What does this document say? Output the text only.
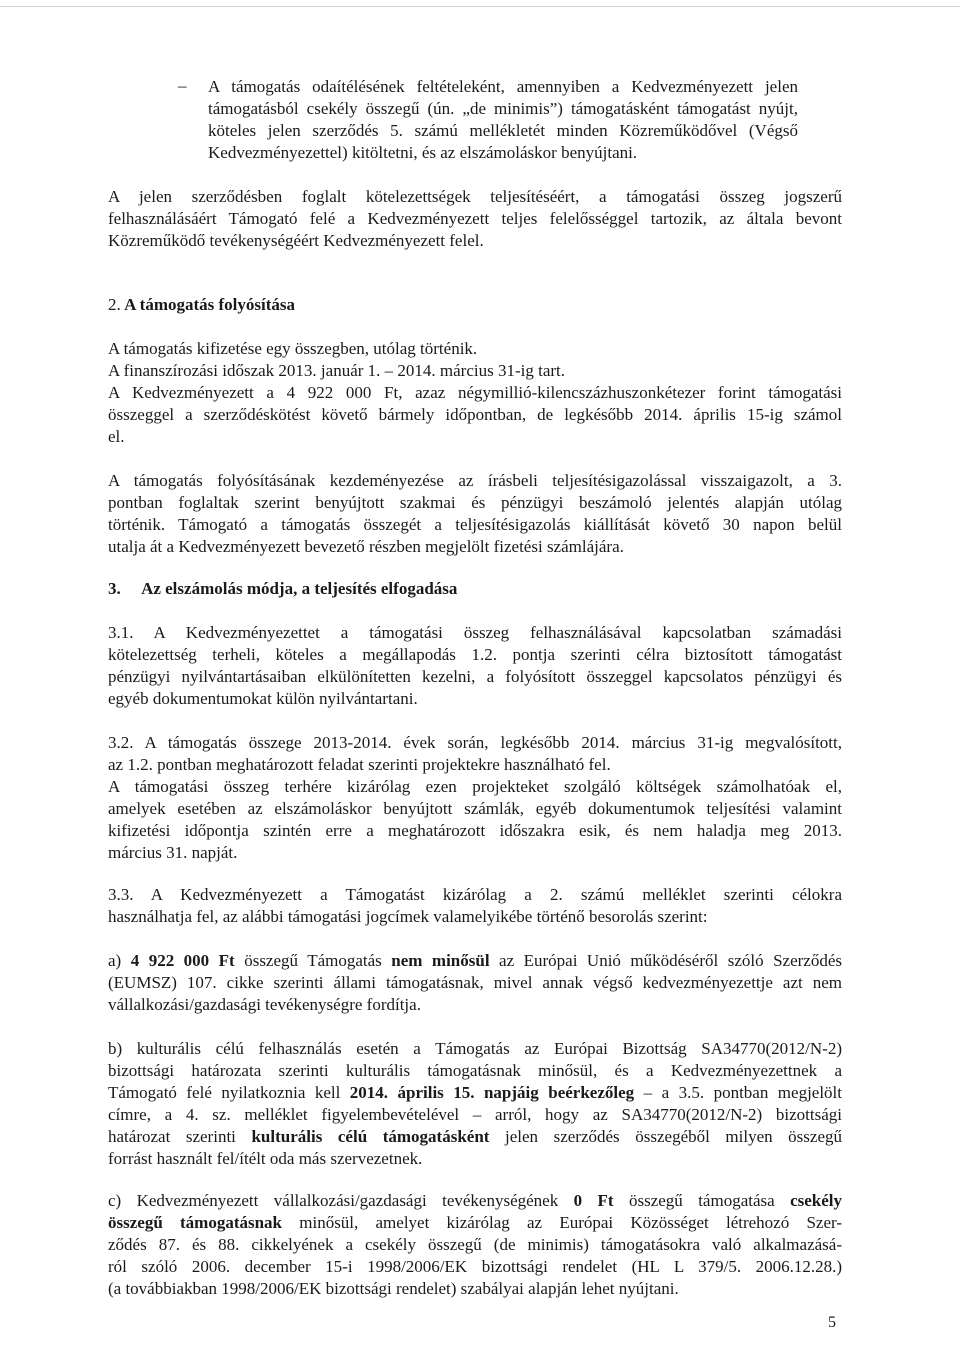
– A támogatás odaítélésének feltételeként, amennyiben a Kedvezményezett jelen
támogatásból csekély összegű (ún. „de minimis”) támogatásként támogatást nyújt,
köteles jelen szerződés 5. számú mellékletét minden Közreműködővel (Végső
Kedvezményezettel) kitöltetni, és az elszámoláskor benyújtani.
A jelen szerződésben foglalt kötelezettségek teljesítéséért, a támogatási összeg jogszerű
felhasználásáért Támogató felé a Kedvezményezett teljes felelősséggel tartozik, az általa bevont
Közreműködő tevékenységéért Kedvezményezett felel.
2. A támogatás folyósítása
A támogatás kifizetése egy összegben, utólag történik.
A finanszírozási időszak 2013. január 1. – 2014. március 31-ig tart.
A Kedvezményezett a 4 922 000 Ft, azaz négymillió-kilencszázhuszonkétezer forint támogatási
összeggel a szerződéskötést követő bármely időpontban, de legkésőbb 2014. április 15-ig számol
el.
A támogatás folyósításának kezdeményezése az írásbeli teljesítésigazolással visszaigazolt, a 3.
pontban foglaltak szerint benyújtott szakmai és pénzügyi beszámoló jelentés alapján utólag
történik. Támogató a támogatás összegét a teljesítésigazolás kiállítását követő 30 napon belül
utalja át a Kedvezményezett bevezető részben megjelölt fizetési számlájára.
3. Az elszámolás módja, a teljesítés elfogadása
3.1. A Kedvezményezettet a támogatási összeg felhasználásával kapcsolatban számadási
kötelezettség terheli, köteles a megállapodás 1.2. pontja szerinti célra biztosított támogatást
pénzügyi nyilvántartásaiban elkülönítetten kezelni, a folyósított összeggel kapcsolatos pénzügyi és
egyéb dokumentumokat külön nyilvántartani.
3.2. A támogatás összege 2013-2014. évek során, legkésőbb 2014. március 31-ig megvalósított,
az 1.2. pontban meghatározott feladat szerinti projektekre használható fel.
A támogatási összeg terhére kizárólag ezen projekteket szolgáló költségek számolhatóak el,
amelyek esetében az elszámoláskor benyújtott számlák, egyéb dokumentumok teljesítési valamint
kifizetési időpontja szintén erre a meghatározott időszakra esik, és nem haladja meg 2013.
március 31. napját.
3.3. A Kedvezményezett a Támogatást kizárólag a 2. számú melléklet szerinti célokra
használhatja fel, az alábbi támogatási jogcímek valamelyikébe történő besorolás szerint:
a) 4 922 000 Ft összegű Támogatás nem minősül az Európai Unió működéséről szóló Szerződés
(EUMSZ) 107. cikke szerinti állami támogatásnak, mivel annak végső kedvezményezettje azt nem
vállalkozási/gazdasági tevékenységre fordítja.
b) kulturális célú felhasználás esetén a Támogatás az Európai Bizottság SA34770(2012/N-2)
bizottsági határozata szerinti kulturális támogatásnak minősül, és a Kedvezményezettnek a
Támogató felé nyilatkoznia kell 2014. április 15. napjáig beérkezőleg – a 3.5. pontban megjelölt
címre, a 4. sz. melléklet figyelembevételével – arról, hogy az SA34770(2012/N-2) bizottsági
határozat szerinti kulturális célú támogatásként jelen szerződés összegéből milyen összegű
forrást használt fel/ítélt oda más szervezetnek.
c) Kedvezményezett vállalkozási/gazdasági tevékenységének 0 Ft összegű támogatása csekély
összegű támogatásnak minősül, amelyet kizárólag az Európai Közösséget létrehozó Szer-
ződés 87. és 88. cikkelyének a csekély összegű (de minimis) támogatásokra való alkalmazásá-
ról szóló 2006. december 15-i 1998/2006/EK bizottsági rendelet (HL L 379/5. 2006.12.28.)
(a továbbiakban 1998/2006/EK bizottsági rendelet) szabályai alapján lehet nyújtani.
5
